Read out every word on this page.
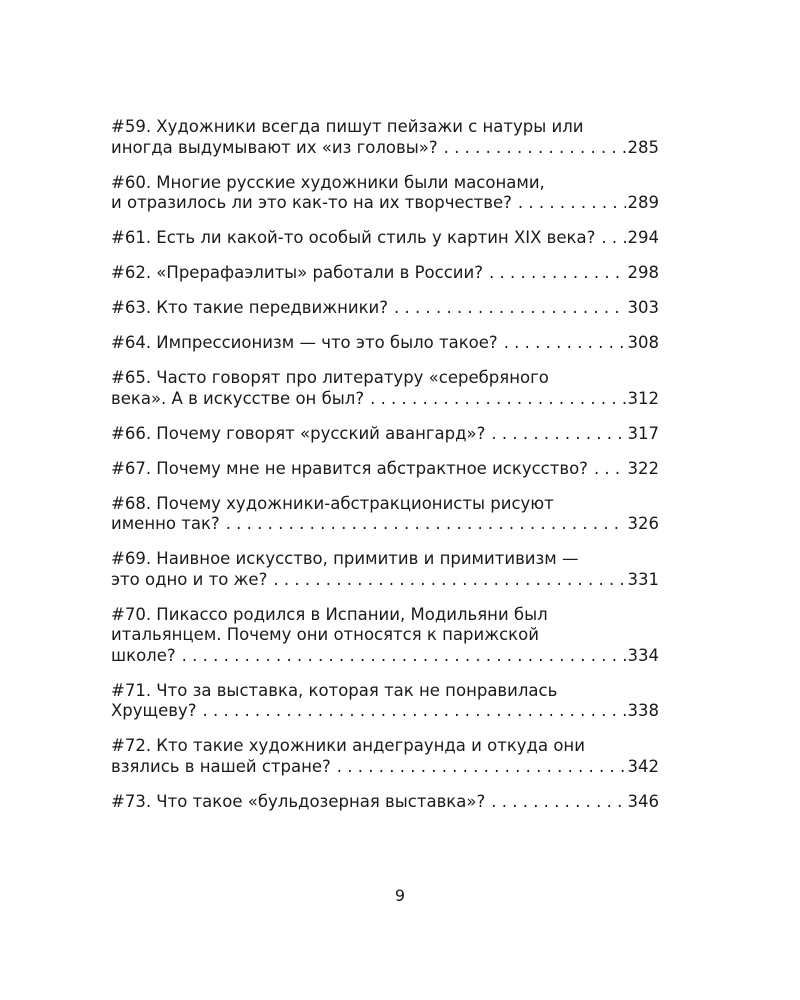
#59. Художники всегда пишут пейзажи с натуры или
иногда выдумывают их «из головы»? . . .	285
#60. Многие русские художники были масонами,
и отразилось ли это как-то на их творчестве? . . .	289
#61. Есть ли какой-то особый стиль у картин XIX века? . . . 294
#62. «Прерафаэлиты» работали в России? . . .	298
#63. Кто такие передвижники? . . .	303
#64. Импрессионизм — что это было такое? . . .	308
#65. Часто говорят про литературу «серебряного
века». А в искусстве он был? . . .	312
#66. Почему говорят «русский авангард»? . . .	317
#67. Почему мне не нравится абстрактное искусство? . . . 322
#68. Почему художники-абстракционисты рисуют
именно так? . . .	326
#69. Наивное искусство, примитив и примитивизм —
это одно и то же? . . .	331
#70. Пикассо родился в Испании, Модильяни был
итальянцем. Почему они относятся к парижской
школе? . . .	334
#71. Что за выставка, которая так не понравилась
Хрущеву? . . .	338
#72. Кто такие художники андеграунда и откуда они
взялись в нашей стране? . . .	342
#73. Что такое «бульдозерная выставка»? . . .	346
9
